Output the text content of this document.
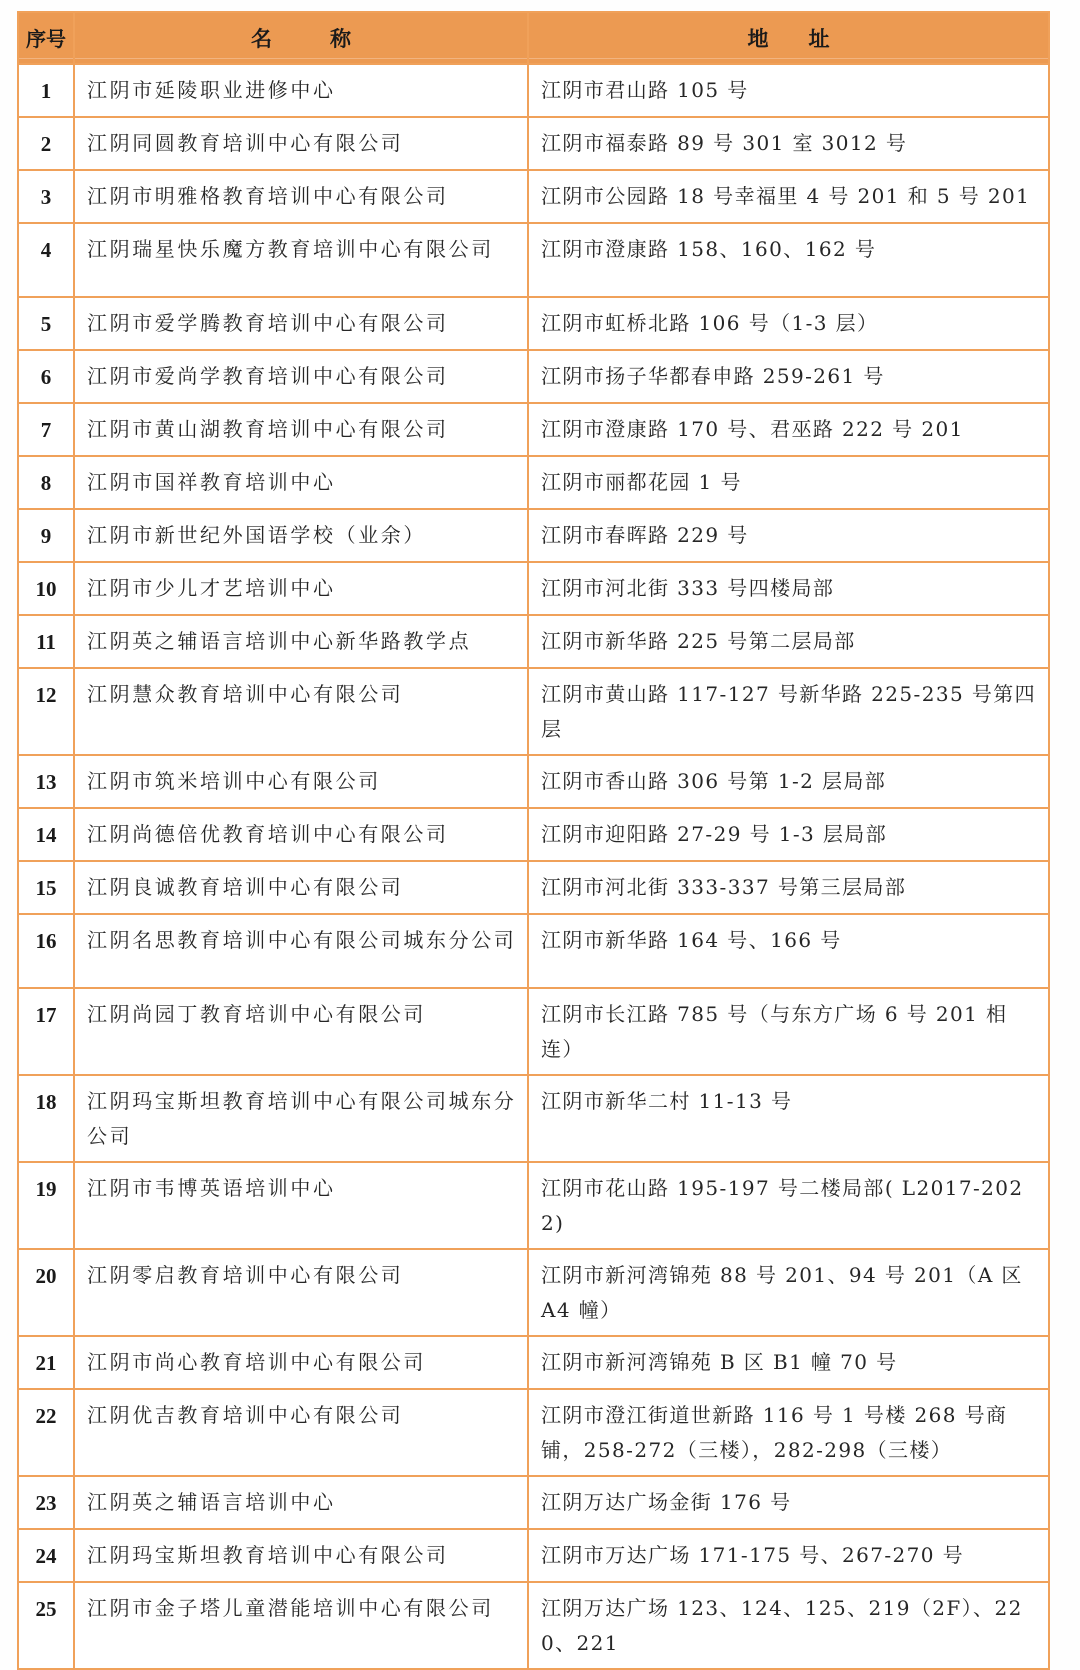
序号	名 称	地 址

1	江阴市延陵职业进修中心	江阴市君山路 105 号
2	江阴同圆教育培训中心有限公司	江阴市福泰路 89 号 301 室 3012 号
3	江阴市明雅格教育培训中心有限公司	江阴市公园路 18 号幸福里 4 号 201 和 5 号 201
4	江阴瑞星快乐魔方教育培训中心有限公司	江阴市澄康路 158、160、162 号
5	江阴市爱学腾教育培训中心有限公司	江阴市虹桥北路 106 号（1-3 层）
6	江阴市爱尚学教育培训中心有限公司	江阴市扬子华都春申路 259-261 号
7	江阴市黄山湖教育培训中心有限公司	江阴市澄康路 170 号、君巫路 222 号 201
8	江阴市国祥教育培训中心	江阴市丽都花园 1 号
9	江阴市新世纪外国语学校（业余）	江阴市春晖路 229 号
10	江阴市少儿才艺培训中心	江阴市河北街 333 号四楼局部
11	江阴英之辅语言培训中心新华路教学点	江阴市新华路 225 号第二层局部
12	江阴慧众教育培训中心有限公司	江阴市黄山路 117-127 号新华路 225-235 号第四层
13	江阴市筑米培训中心有限公司	江阴市香山路 306 号第 1-2 层局部
14	江阴尚德倍优教育培训中心有限公司	江阴市迎阳路 27-29 号 1-3 层局部
15	江阴良诚教育培训中心有限公司	江阴市河北街 333-337 号第三层局部
16	江阴名思教育培训中心有限公司城东分公司	江阴市新华路 164 号、166 号
17	江阴尚园丁教育培训中心有限公司	江阴市长江路 785 号（与东方广场 6 号 201 相连）
18	江阴玛宝斯坦教育培训中心有限公司城东分公司	江阴市新华二村 11-13 号
19	江阴市韦博英语培训中心	江阴市花山路 195-197 号二楼局部( L2017-2022)
20	江阴零启教育培训中心有限公司	江阴市新河湾锦苑 88 号 201、94 号 201（A 区 A4 幢）
21	江阴市尚心教育培训中心有限公司	江阴市新河湾锦苑 B 区 B1 幢 70 号
22	江阴优吉教育培训中心有限公司	江阴市澄江街道世新路 116 号 1 号楼 268 号商铺，258-272（三楼），282-298（三楼）
23	江阴英之辅语言培训中心	江阴万达广场金街 176 号
24	江阴玛宝斯坦教育培训中心有限公司	江阴市万达广场 171-175 号、267-270 号
25	江阴市金子塔儿童潜能培训中心有限公司	江阴万达广场 123、124、125、219（2F）、220、221
